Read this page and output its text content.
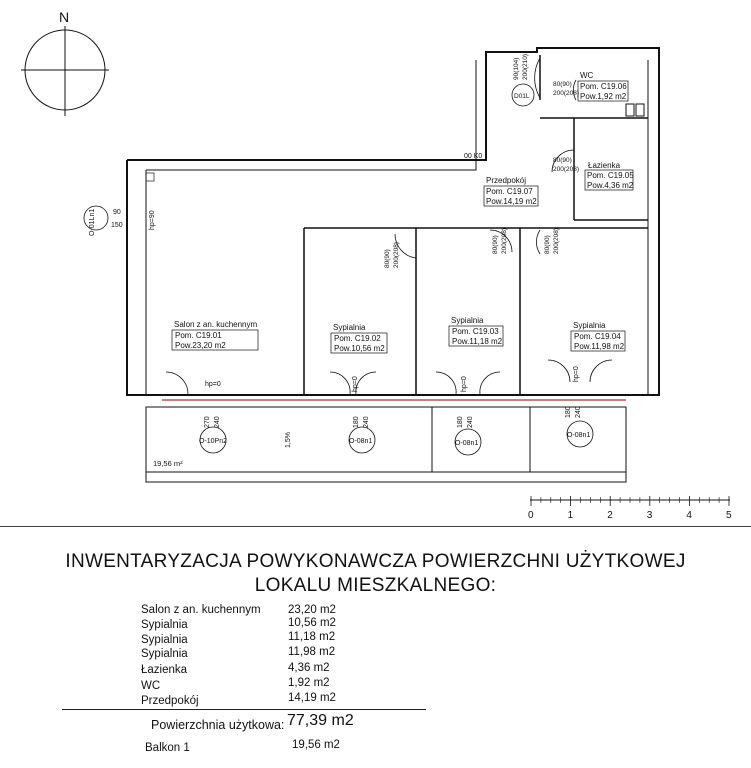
N
WC
Pom. C19.06
Pow.1,92 m2
Łazienka
Pom. C19.05
Pow.4,36 m2
Przedpokój
Pom. C19.07
Pow.14,19 m2
Salon z an. kuchennym
Pom. C19.01
Pow.23,20 m2
Sypialnia
Pom. C19.02
Pow.10,56 m2
Sypialnia
Pom. C19.03
Pow.11,18 m2
Sypialnia
Pom. C19.04
Pow.11,98 m2
90(104) 200(210)
D01L
80(90)
200(208)
80(90)
200(208)
80(90) 200(208)	80(90) 200(208)	80(90) 200(208)
O-01Ln1 90
150	hp=90
hp=0
270 240
O-10Pn2
hp=0
180 240
O-08n1
hp=0
180 240
O-08n1
hp=0
180 240
O-08n1
00 K0
1,5%
19,56 m²
0	1	2	3	4	5
INWENTARYZACJA POWYKONAWCZA POWIERZCHNI UŻYTKOWEJ
LOKALU MIESZKALNEGO:
Salon z an. kuchennym 23,20 m2
Sypialnia	10,56 m2
Sypialnia	11,18 m2
Sypialnia	11,98 m2
Łazienka	4,36 m2
WC	1,92 m2
Przedpokój	14,19 m2
Powierzchnia użytkowa: 77,39 m2
Balkon 1	19,56 m2
